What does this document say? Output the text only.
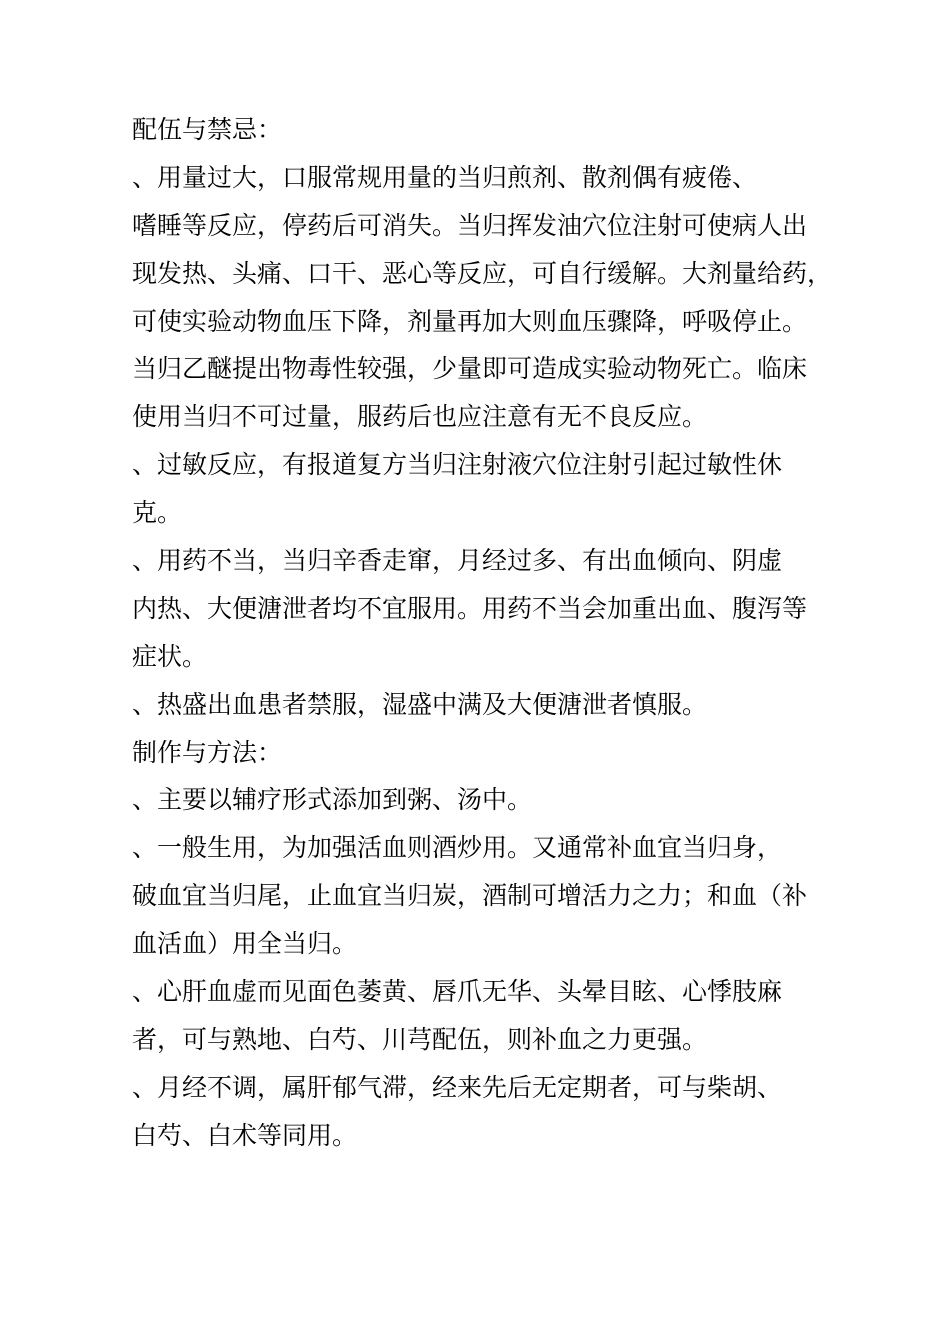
配伍与禁忌：
、用量过大，口服常规用量的当归煎剂、散剂偶有疲倦、
嗜睡等反应，停药后可消失。当归挥发油穴位注射可使病人出
现发热、头痛、口干、恶心等反应，可自行缓解。大剂量给药，
可使实验动物血压下降，剂量再加大则血压骤降，呼吸停止。
当归乙醚提出物毒性较强，少量即可造成实验动物死亡。临床
使用当归不可过量，服药后也应注意有无不良反应。
、过敏反应，有报道复方当归注射液穴位注射引起过敏性休
克。
、用药不当，当归辛香走窜，月经过多、有出血倾向、阴虚
内热、大便溏泄者均不宜服用。用药不当会加重出血、腹泻等
症状。
、热盛出血患者禁服，湿盛中满及大便溏泄者慎服。
制作与方法：
、主要以辅疗形式添加到粥、汤中。
、一般生用，为加强活血则酒炒用。又通常补血宜当归身，
破血宜当归尾，止血宜当归炭，酒制可增活力之力；和血（补
血活血）用全当归。
、心肝血虚而见面色萎黄、唇爪无华、头晕目眩、心悸肢麻
者，可与熟地、白芍、川芎配伍，则补血之力更强。
、月经不调，属肝郁气滞，经来先后无定期者，可与柴胡、
白芍、白术等同用。
